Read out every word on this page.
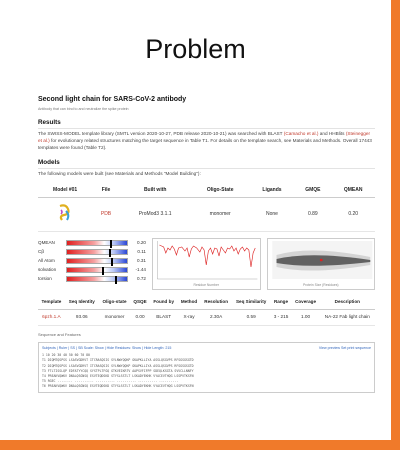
Problem
Second light chain for SARS-CoV-2 antibody
Antibody that can bind to and neutralize the spike protein
Results
The SWISS-MODEL template library (SMTL version 2020-10-27, PDB release 2020-10-21) was searched with BLAST (Camacho et al.) and HHBlits (Steinegger et al.) for evolutionary related structures matching the target sequence in Table T1. For details on the template search, see Materials and Methods. Overall 17443 templates were found (Table T2).
Models
The following models were built (see Materials and Methods "Model Building"):
Model #01	File	Built with	Oligo-State	Ligands	GMQE	QMEAN
	PDB	ProMod3 3.1.1	monomer	None	0.89	0.20
QMEAN	0.20
Cβ	0.11
All Atom	0.31
solvation	-1.44
torsion	0.72
Residue Number	Protein Size (Residues)
Template	Seq Identity	Oligo-state	QSQE	Found by	Method	Resolution	Seq Similarity	Range	Coverage	Description
6pzh.1.A	93.06	monomer	0.00	BLAST	X-ray	2.30A	0.59	3 - 215	1.00	NA-22 Fab light chain
Sequence and Features
Subjects | Ruler | SS | SB Scale: Show | Hide Residues: Show | Hide Length: 215	View preview Set print sequence
1 10 20 30 40 50 60 70 80
T1 DIQMTQSPSS LSASVGDRVT ITCRASQSIS SYLNWYQQKP GKAPKLLIYA ASSLQSGVPS RFSGSGSGTD
T2 DIQMTQSPSS LSASVGDRVT ITCRASQSIS SYLNWYQQKP GKAPKLLIYA ASSLQSGVPS RFSGSGSGTD
T3 FTLTISSLQP EDFATYYCQQ SYSTPLTFGQ GTKVEIKRTV AAPSVFIFPP SDEQLKSGTA SVVCLLNNFY
T4 PREAKVQWKV DNALQSGNSQ ESVTEQDSKD STYSLSSTLT LSKADYEKHK VYACEVTHQG LSSPVTKSFN
T5 RGEC ........ .......... .......... .......... .......... ..........
T6 PREAKVQWKV DNALQSGNSQ ESVTEQDSKD STYSLSSTLT LSKADYEKHK VYACEVTHQG LSSPVTKSFN
